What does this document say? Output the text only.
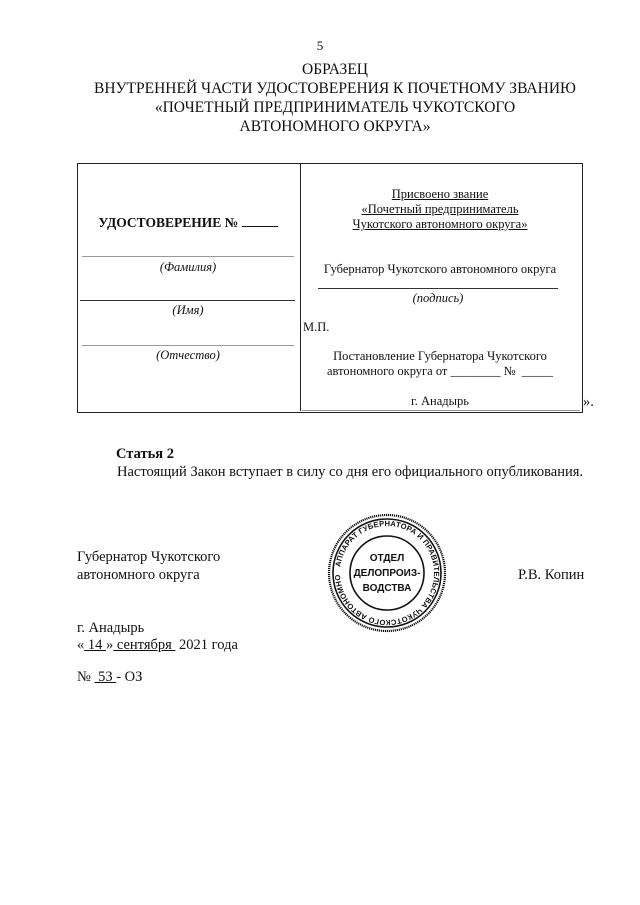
5
ОБРАЗЕЦ
ВНУТРЕННЕЙ ЧАСТИ УДОСТОВЕРЕНИЯ К ПОЧЕТНОМУ ЗВАНИЮ
«ПОЧЕТНЫЙ ПРЕДПРИНИМАТЕЛЬ ЧУКОТСКОГО
АВТОНОМНОГО ОКРУГА»
УДОСТОВЕРЕНИЕ №
(Фамилия)
(Имя)
(Отчество)
Присвоено звание
«Почетный предприниматель
Чукотского автономного округа»
Губернатор Чукотского автономного округа
(подпись)
М.П.
Постановление Губернатора Чукотского
автономного округа от ________ №  _____
г. Анадырь	».
Статья 2
Настоящий Закон вступает в силу со дня его официального опубликования.
Губернатор Чукотского
автономного округа	Р.В. Копин
АППАРАТ ГУБЕРНАТОРА И ПРАВИТЕЛЬСТВА ЧУКОТСКОГО АВТОНОМНО
ОТДЕЛ
ДЕЛОПРОИЗ-
ВОДСТВА
г. Анадырь
« 14 » сентября  2021 года
№  53 - ОЗ
